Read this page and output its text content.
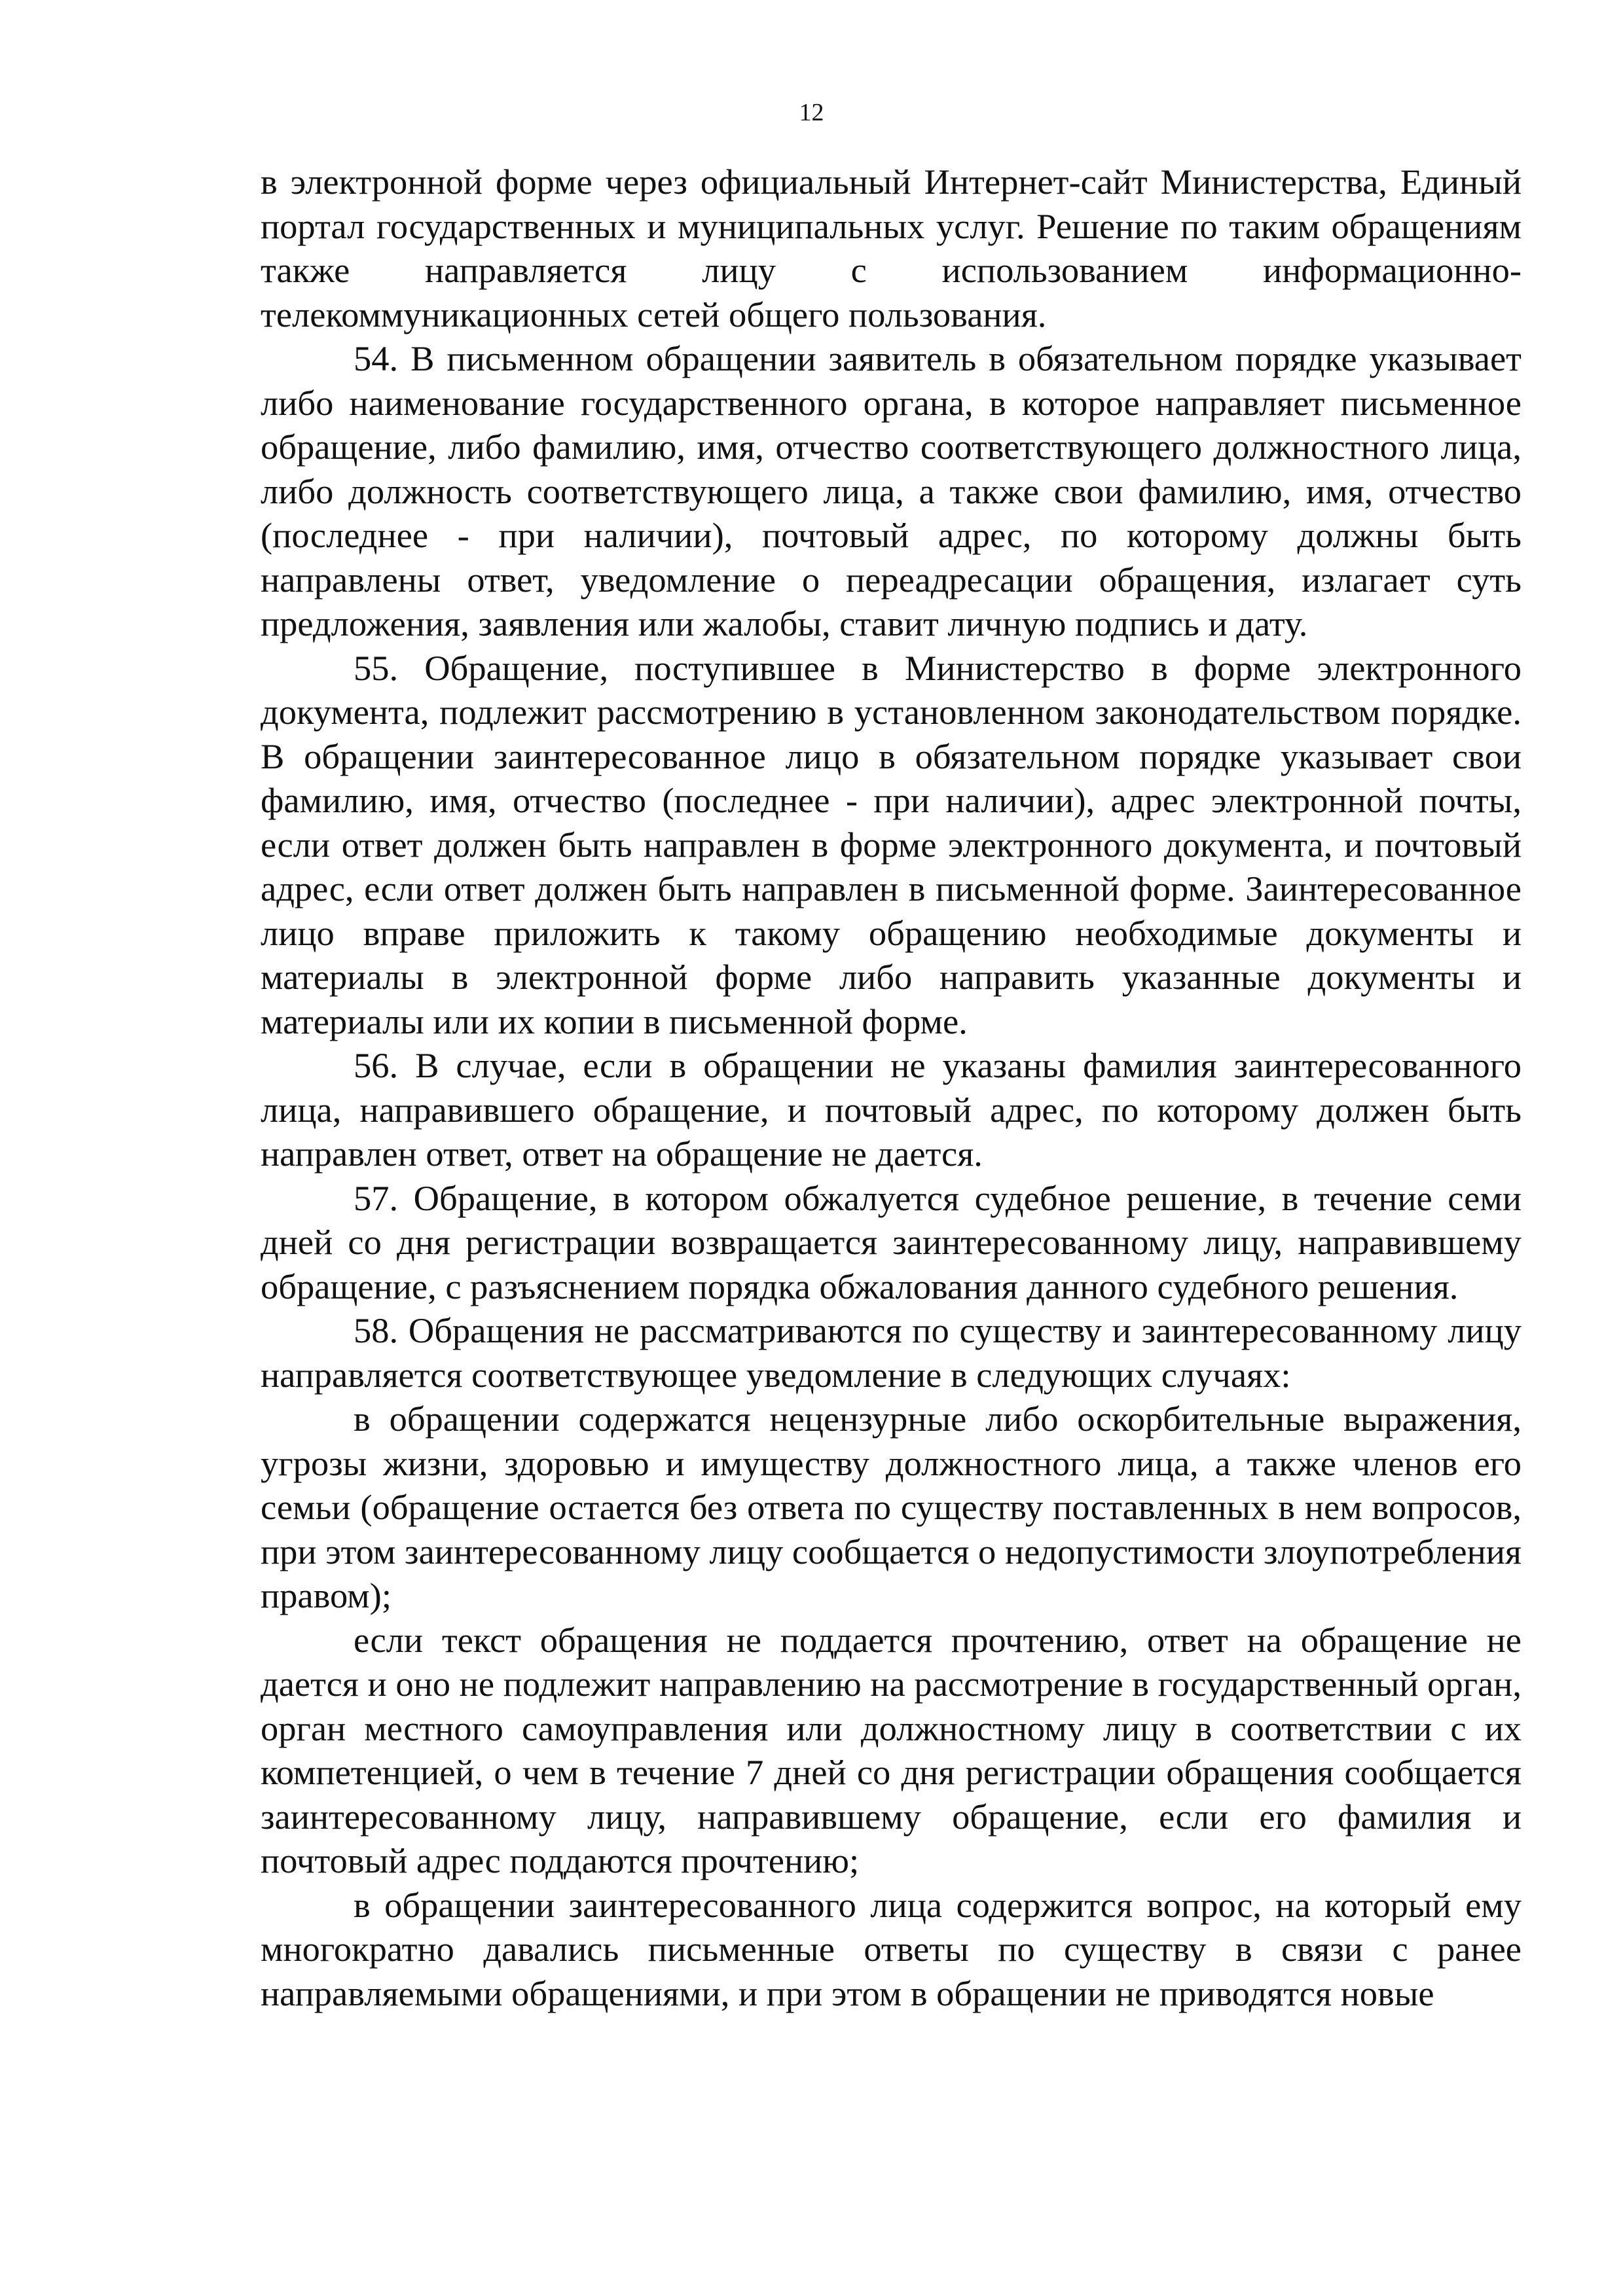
12

в электронной форме через официальный Интернет-сайт Министерства, Единый портал государственных и муниципальных услуг. Решение по таким обращениям также направляется лицу с использованием информационно-телекоммуникационных сетей общего пользования.

54. В письменном обращении заявитель в обязательном порядке указывает либо наименование государственного органа, в которое направляет письменное обращение, либо фамилию, имя, отчество соответствующего должностного лица, либо должность соответствующего лица, а также свои фамилию, имя, отчество (последнее - при наличии), почтовый адрес, по которому должны быть направлены ответ, уведомление о переадресации обращения, излагает суть предложения, заявления или жалобы, ставит личную подпись и дату.

55. Обращение, поступившее в Министерство в форме электронного документа, подлежит рассмотрению в установленном законодательством порядке. В обращении заинтересованное лицо в обязательном порядке указывает свои фамилию, имя, отчество (последнее - при наличии), адрес электронной почты, если ответ должен быть направлен в форме электронного документа, и почтовый адрес, если ответ должен быть направлен в письменной форме. Заинтересованное лицо вправе приложить к такому обращению необходимые документы и материалы в электронной форме либо направить указанные документы и материалы или их копии в письменной форме.

56. В случае, если в обращении не указаны фамилия заинтересованного лица, направившего обращение, и почтовый адрес, по которому должен быть направлен ответ, ответ на обращение не дается.

57. Обращение, в котором обжалуется судебное решение, в течение семи дней со дня регистрации возвращается заинтересованному лицу, направившему обращение, с разъяснением порядка обжалования данного судебного решения.

58. Обращения не рассматриваются по существу и заинтересованному лицу направляется соответствующее уведомление в следующих случаях:

в обращении содержатся нецензурные либо оскорбительные выражения, угрозы жизни, здоровью и имуществу должностного лица, а также членов его семьи (обращение остается без ответа по существу поставленных в нем вопросов, при этом заинтересованному лицу сообщается о недопустимости злоупотребления правом);

если текст обращения не поддается прочтению, ответ на обращение не дается и оно не подлежит направлению на рассмотрение в государственный орган, орган местного самоуправления или должностному лицу в соответствии с их компетенцией, о чем в течение 7 дней со дня регистрации обращения сообщается заинтересованному лицу, направившему обращение, если его фамилия и почтовый адрес поддаются прочтению;

в обращении заинтересованного лица содержится вопрос, на который ему многократно давались письменные ответы по существу в связи с ранее направляемыми обращениями, и при этом в обращении не приводятся новые
